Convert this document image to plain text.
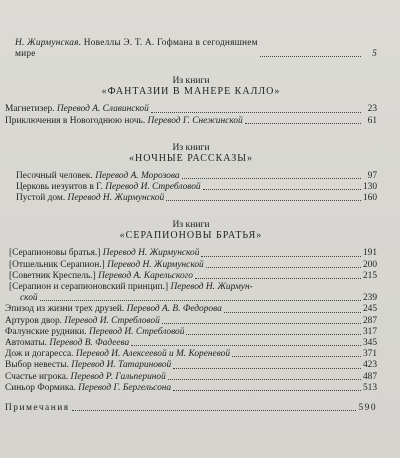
Н. Жирмунская. Новеллы Э. Т. А. Гофмана в сегодняшнем
мире	5
Из книги
«ФАНТАЗИИ В МАНЕРЕ КАЛЛО»
Магнетизер. Перевод А. Славинской	23
Приключения в Новогоднюю ночь. Перевод Г. Снежинской	61
Из книги
«НОЧНЫЕ РАССКАЗЫ»
Песочный человек. Перевод А. Морозова	97
Церковь иезуитов в Г. Перевод И. Стребловой	130
Пустой дом. Перевод Н. Жирмунской	160
Из книги
«СЕРАПИОНОВЫ БРАТЬЯ»
[Серапионовы братья.] Перевод Н. Жирмунской	191
[Отшельник Серапион.] Перевод Н. Жирмунской	200
[Советник Креспель.] Перевод А. Карельского	215
[Серапион и серапионовский принцип.] Перевод Н. Жирмун-
ской	239
Эпизод из жизни трех друзей. Перевод А. В. Федорова	245
Артуров двор. Перевод И. Стребловой	287
Фалунские рудники. Перевод И. Стребловой	317
Автоматы. Перевод В. Фадеева	345
Дож и догаресса. Перевод И. Алексеевой и М. Кореневой	371
Выбор невесты. Перевод И. Татариновой	423
Счастье игрока. Перевод Р. Гальпериной	487
Синьор Формика. Перевод Г. Бергельсона	513
Примечания	590
